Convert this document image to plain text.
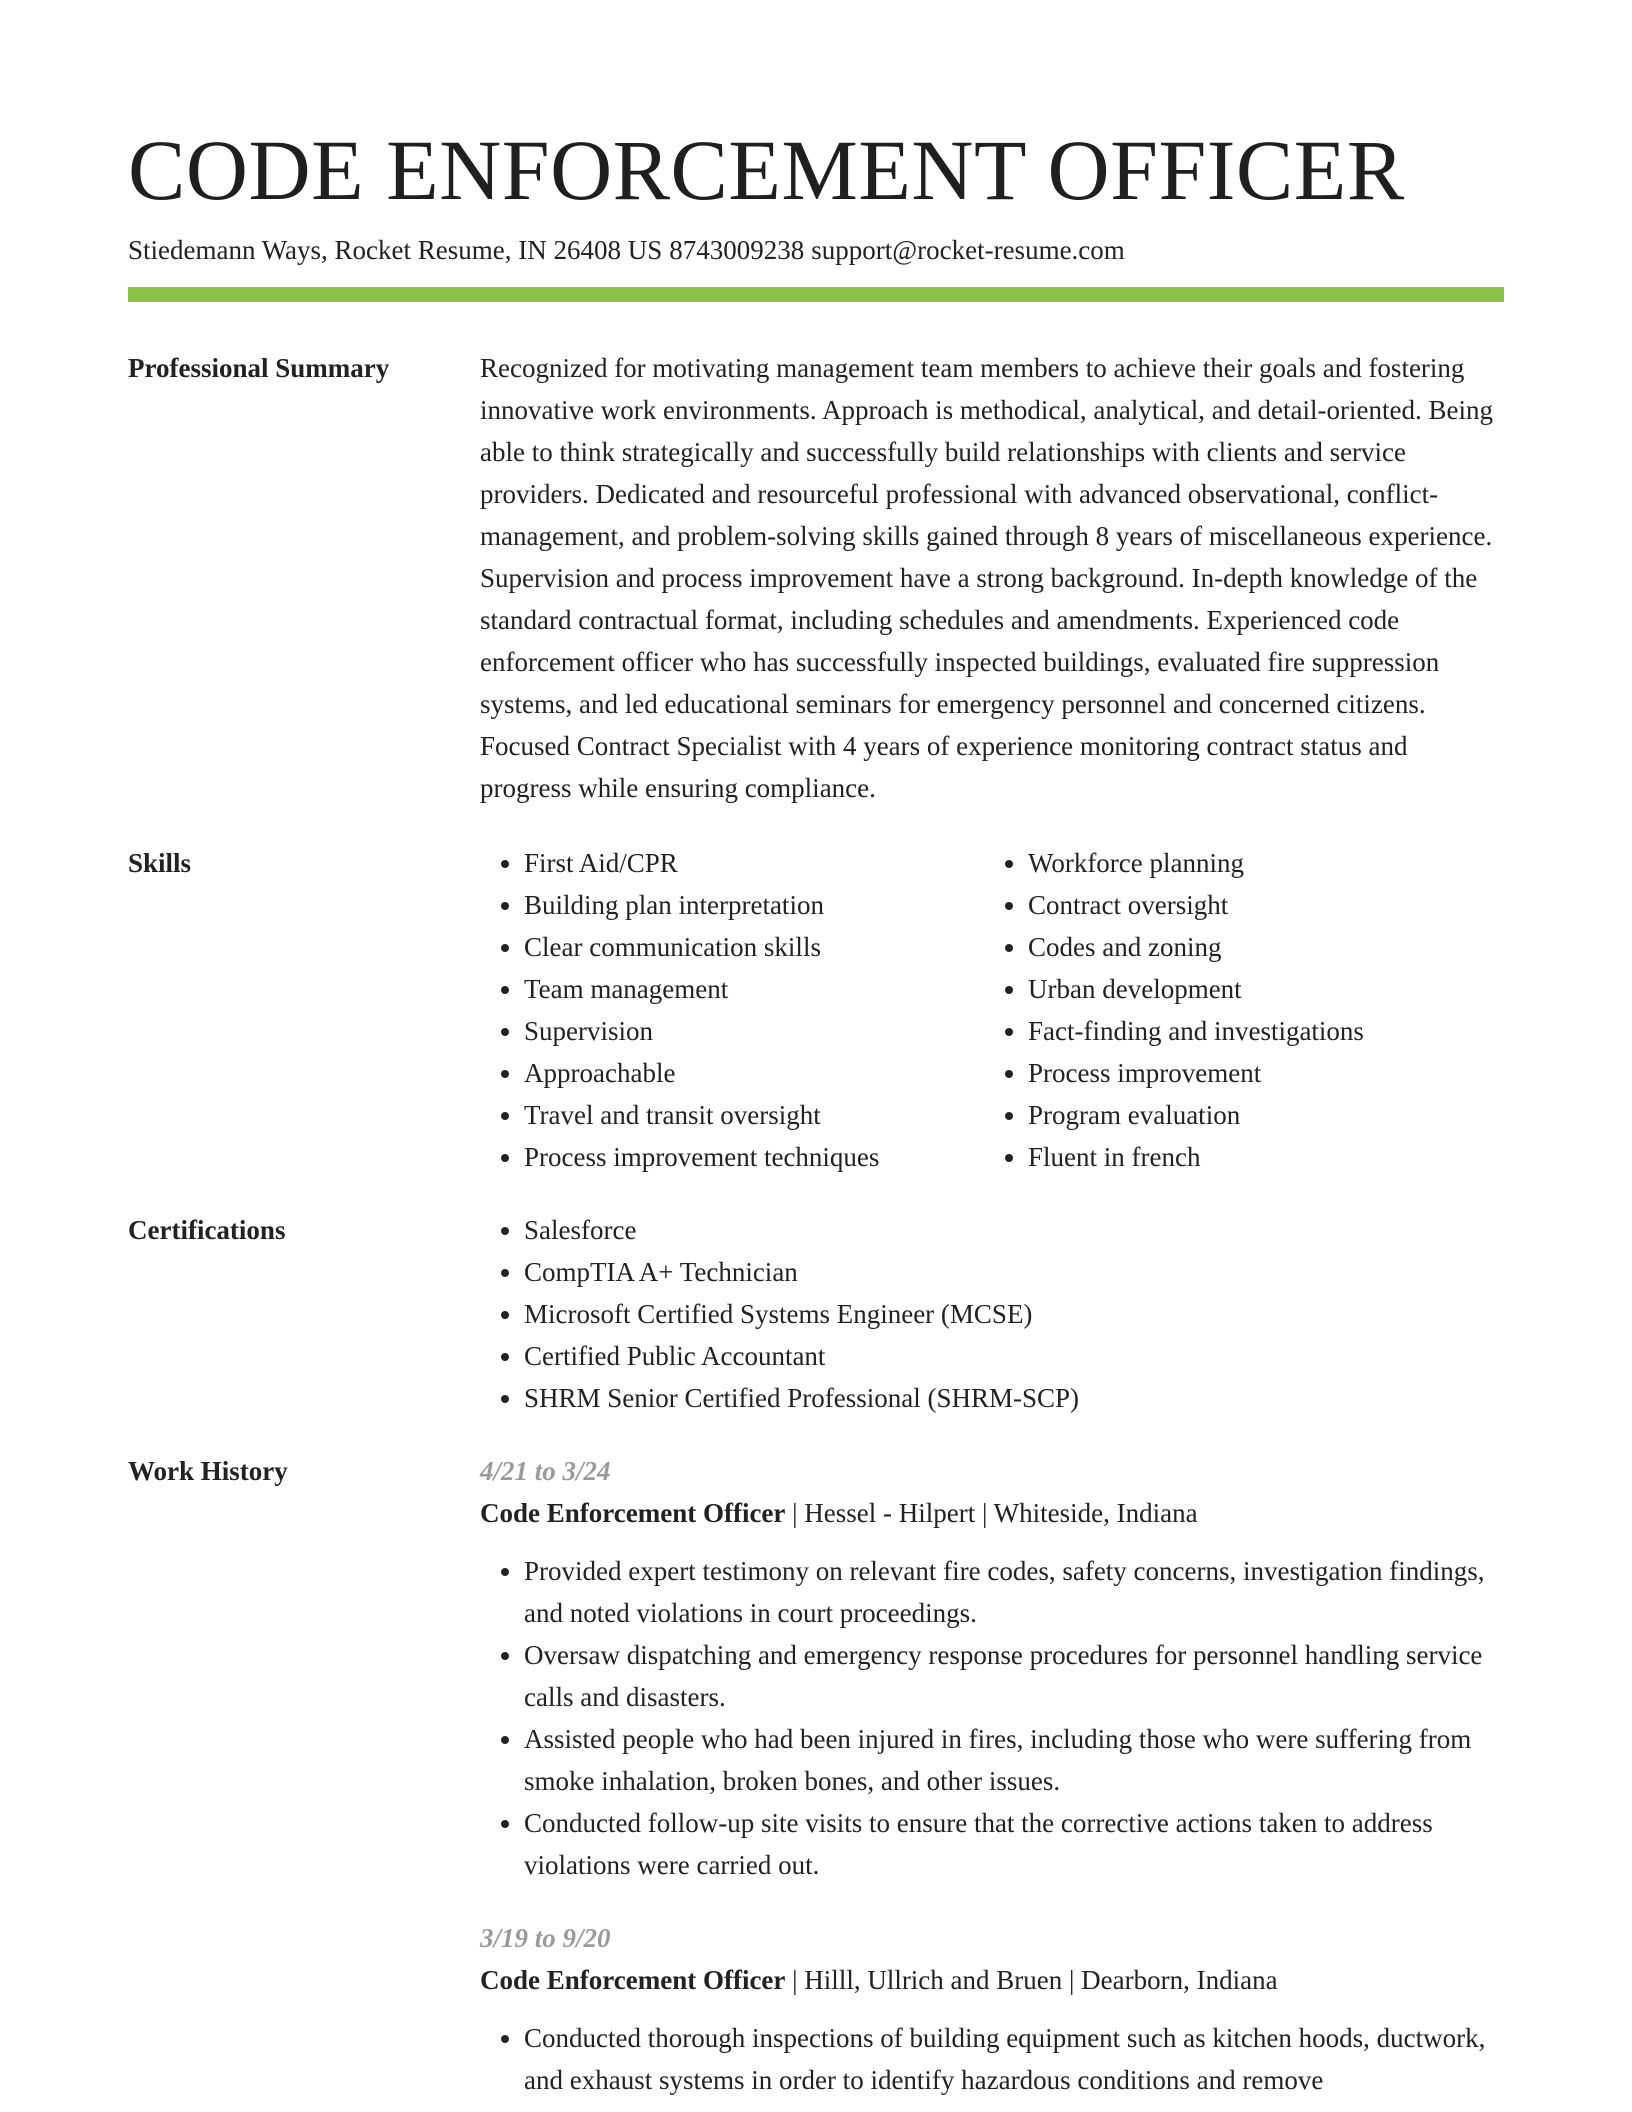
CODE ENFORCEMENT OFFICER
Stiedemann Ways, Rocket Resume, IN 26408 US 8743009238 support@rocket-resume.com
Professional Summary	Recognized for motivating management team members to achieve their goals and fostering innovative work environments. Approach is methodical, analytical, and detail-oriented. Being able to think strategically and successfully build relationships with clients and service providers. Dedicated and resourceful professional with advanced observational, conflict-management, and problem-solving skills gained through 8 years of miscellaneous experience. Supervision and process improvement have a strong background. In-depth knowledge of the standard contractual format, including schedules and amendments. Experienced code enforcement officer who has successfully inspected buildings, evaluated fire suppression systems, and led educational seminars for emergency personnel and concerned citizens. Focused Contract Specialist with 4 years of experience monitoring contract status and progress while ensuring compliance.

Skills	• First Aid/CPR
• Building plan interpretation
• Clear communication skills
• Team management
• Supervision
• Approachable
• Travel and transit oversight
• Process improvement techniques
• Workforce planning
• Contract oversight
• Codes and zoning
• Urban development
• Fact-finding and investigations
• Process improvement
• Program evaluation
• Fluent in french
Certifications	• Salesforce
• CompTIA A+ Technician
• Microsoft Certified Systems Engineer (MCSE)
• Certified Public Accountant
• SHRM Senior Certified Professional (SHRM-SCP)
Work History	4/21 to 3/24
Code Enforcement Officer | Hessel - Hilpert | Whiteside, Indiana
• Provided expert testimony on relevant fire codes, safety concerns, investigation findings, and noted violations in court proceedings.
• Oversaw dispatching and emergency response procedures for personnel handling service calls and disasters.
• Assisted people who had been injured in fires, including those who were suffering from smoke inhalation, broken bones, and other issues.
• Conducted follow-up site visits to ensure that the corrective actions taken to address violations were carried out.
3/19 to 9/20
Code Enforcement Officer | Hilll, Ullrich and Bruen | Dearborn, Indiana
• Conducted thorough inspections of building equipment such as kitchen hoods, ductwork, and exhaust systems in order to identify hazardous conditions and remove
